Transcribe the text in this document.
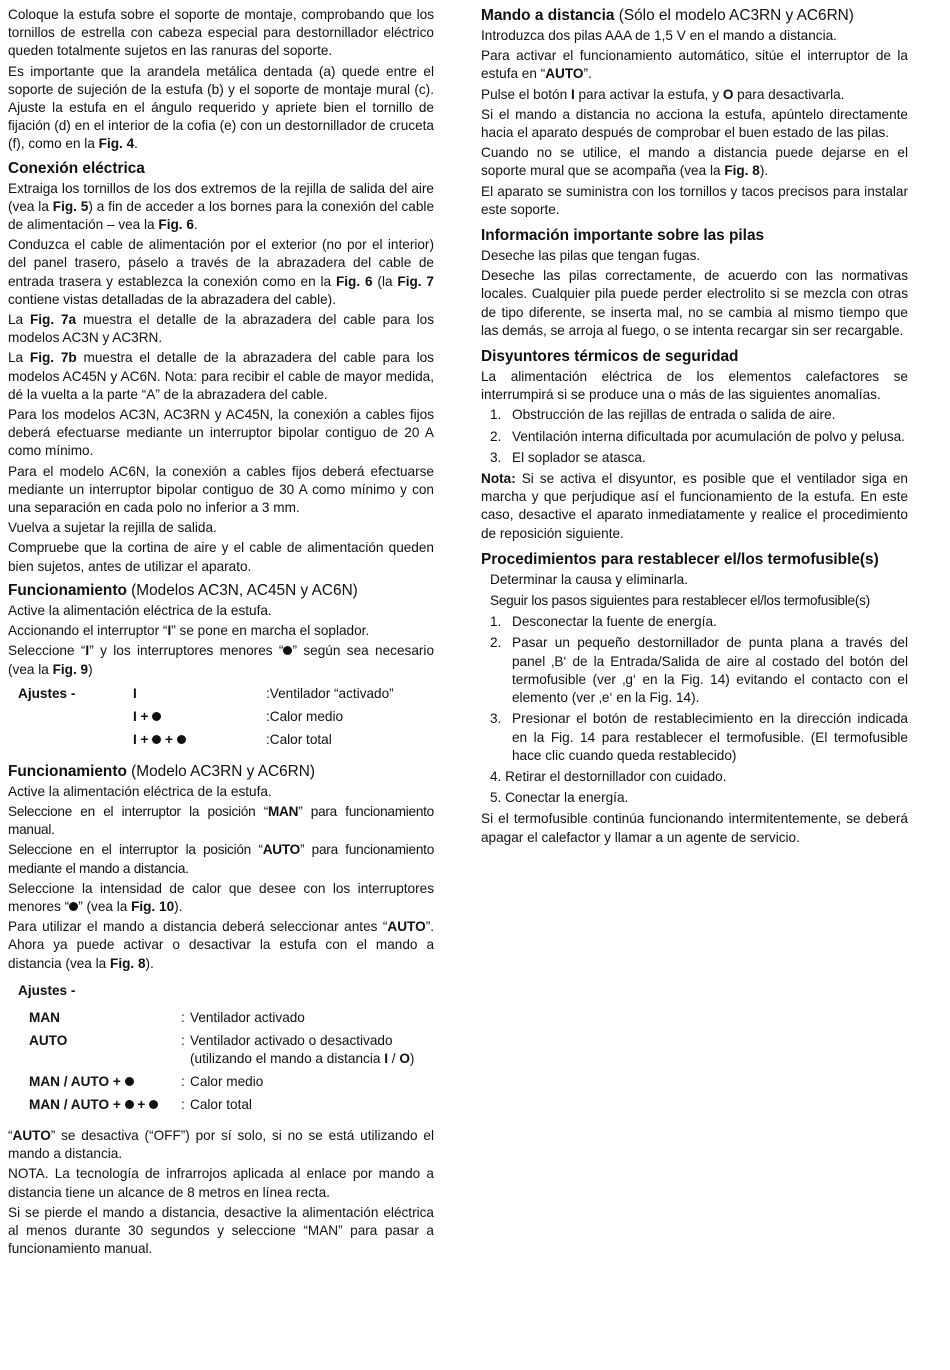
Coloque la estufa sobre el soporte de montaje, comprobando que los tornillos de estrella con cabeza especial para destornillador eléctrico queden totalmente sujetos en las ranuras del soporte.

Es importante que la arandela metálica dentada (a) quede entre el soporte de sujeción de la estufa (b) y el soporte de montaje mural (c). Ajuste la estufa en el ángulo requerido y apriete bien el tornillo de fijación (d) en el interior de la cofia (e) con un destornillador de cruceta (f), como en la Fig. 4.

Conexión eléctrica

Extraiga los tornillos de los dos extremos de la rejilla de salida del aire (vea la Fig. 5) a fin de acceder a los bornes para la conexión del cable de alimentación – vea la Fig. 6.

Conduzca el cable de alimentación por el exterior (no por el interior) del panel trasero, páselo a través de la abrazadera del cable de entrada trasera y establezca la conexión como en la Fig. 6 (la Fig. 7 contiene vistas detalladas de la abrazadera del cable).

La Fig. 7a muestra el detalle de la abrazadera del cable para los modelos AC3N y AC3RN.

La Fig. 7b muestra el detalle de la abrazadera del cable para los modelos AC45N y AC6N. Nota: para recibir el cable de mayor medida, dé la vuelta a la parte “A” de la abrazadera del cable.

Para los modelos AC3N, AC3RN y AC45N, la conexión a cables fijos deberá efectuarse mediante un interruptor bipolar contiguo de 20 A como mínimo.

Para el modelo AC6N, la conexión a cables fijos deberá efectuarse mediante un interruptor bipolar contiguo de 30 A como mínimo y con una separación en cada polo no inferior a 3 mm.

Vuelva a sujetar la rejilla de salida.

Compruebe que la cortina de aire y el cable de alimentación queden bien sujetos, antes de utilizar el aparato.

Funcionamiento (Modelos AC3N, AC45N y AC6N)

Active la alimentación eléctrica de la estufa.

Accionando el interruptor “I” se pone en marcha el soplador.

Seleccione “I” y los interruptores menores “ ” según sea necesario (vea la Fig. 9)

Ajustes -	I	:Ventilador “activado”
	I +	:Calor medio
	I +  +	:Calor total
Funcionamiento (Modelo AC3RN y AC6RN)

Active la alimentación eléctrica de la estufa.

Seleccione en el interruptor la posición “MAN” para funcionamiento manual.

Seleccione en el interruptor la posición “AUTO” para funcionamiento mediante el mando a distancia.

Seleccione la intensidad de calor que desee con los interruptores menores “ ” (vea la Fig. 10).

Para utilizar el mando a distancia deberá seleccionar antes “AUTO”. Ahora ya puede activar o desactivar la estufa con el mando a distancia (vea la Fig. 8).

Ajustes -
MAN	:	Ventilador activado
AUTO	:	Ventilador activado o desactivado (utilizando el mando a distancia I / O)
MAN / AUTO +	:	Calor medio
MAN / AUTO +  +	:	Calor total

“AUTO” se desactiva (“OFF”) por sí solo, si no se está utilizando el mando a distancia.

NOTA. La tecnología de infrarrojos aplicada al enlace por mando a distancia tiene un alcance de 8 metros en línea recta.

Si se pierde el mando a distancia, desactive la alimentación eléctrica al menos durante 30 segundos y seleccione “MAN” para pasar a funcionamiento manual.

Mando a distancia (Sólo el modelo AC3RN y AC6RN)

Introduzca dos pilas AAA de 1,5 V en el mando a distancia.

Para activar el funcionamiento automático, sitúe el interruptor de la estufa en “AUTO”.

Pulse el botón I para activar la estufa, y O para desactivarla.

Si el mando a distancia no acciona la estufa, apúntelo directamente hacia el aparato después de comprobar el buen estado de las pilas.

Cuando no se utilice, el mando a distancia puede dejarse en el soporte mural que se acompaña (vea la Fig. 8).

El aparato se suministra con los tornillos y tacos precisos para instalar este soporte.

Información importante sobre las pilas

Deseche las pilas que tengan fugas.

Deseche las pilas correctamente, de acuerdo con las normativas locales. Cualquier pila puede perder electrolito si se mezcla con otras de tipo diferente, se inserta mal, no se cambia al mismo tiempo que las demás, se arroja al fuego, o se intenta recargar sin ser recargable.

Disyuntores térmicos de seguridad

La alimentación eléctrica de los elementos calefactores se interrumpirá si se produce una o más de las siguientes anomalías.

1. Obstrucción de las rejillas de entrada o salida de aire.
2. Ventilación interna dificultada por acumulación de polvo y pelusa.
3. El soplador se atasca.

Nota: Si se activa el disyuntor, es posible que el ventilador siga en marcha y que perjudique así el funcionamiento de la estufa. En este caso, desactive el aparato inmediatamente y realice el procedimiento de reposición siguiente.

Procedimientos para restablecer el/los termofusible(s)

Determinar la causa y eliminarla.

Seguir los pasos siguientes para restablecer el/los termofusible(s)

1. Desconectar la fuente de energía.
2. Pasar un pequeño destornillador de punta plana a través del panel ‚B‘ de la Entrada/Salida de aire al costado del botón del termofusible (ver ‚g‘ en la Fig. 14) evitando el contacto con el elemento (ver ‚e‘ en la Fig. 14).
3. Presionar el botón de restablecimiento en la dirección indicada en la Fig. 14 para restablecer el termofusible. (El termofusible hace clic cuando queda restablecido)

4. Retirar el destornillador con cuidado.

5. Conectar la energía.

Si el termofusible continúa funcionando intermitentemente, se deberá apagar el calefactor y llamar a un agente de servicio.
